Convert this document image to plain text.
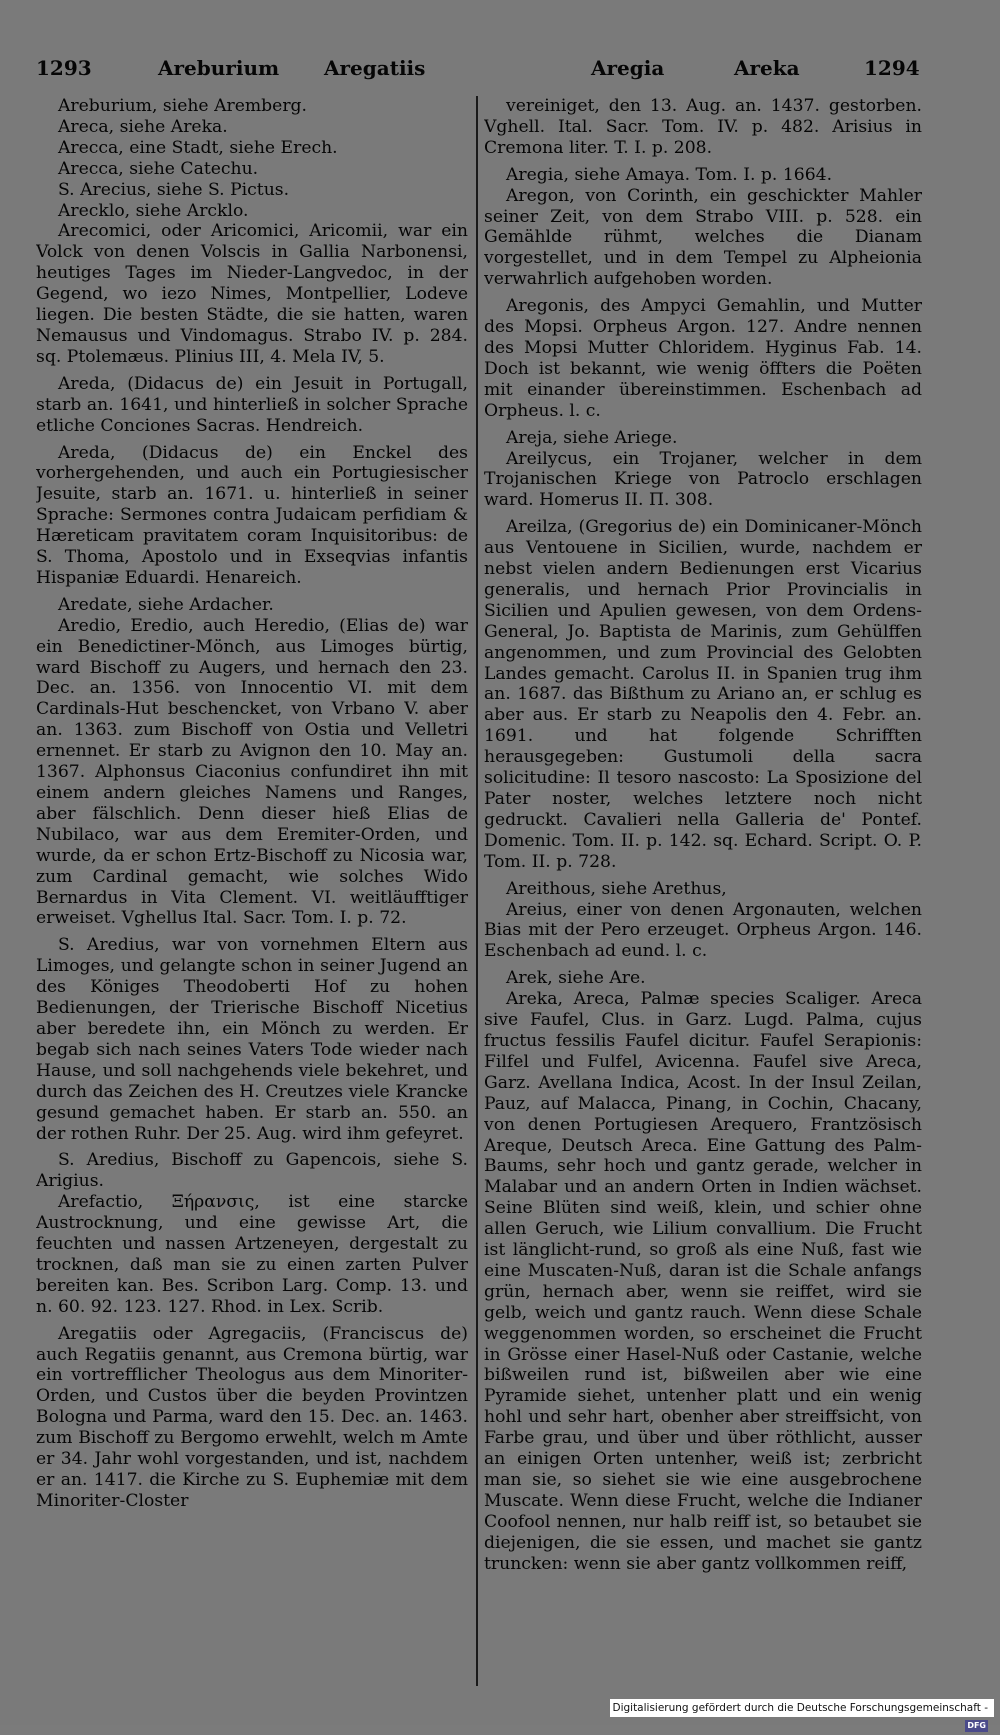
1293	Areburium Aregatiis	Aregia	Areka	1294

Areburium, siehe Aremberg.

Areca, siehe Areka.

Arecca, eine Stadt, siehe Erech.

Arecca, siehe Catechu.

S. Arecius, siehe S. Pictus.

Arecklo, siehe Arcklo.

Arecomici, oder Aricomici, Aricomii, war ein Volck von denen Volscis in Gallia Narbonensi, heutiges Tages im Nieder-Langvedoc, in der Gegend, wo iezo Nimes, Montpellier, Lodeve liegen. Die besten Städte, die sie hatten, waren Nemausus und Vindomagus. Strabo IV. p. 284. sq. Ptolemæus. Plinius III, 4. Mela IV, 5.

Areda, (Didacus de) ein Jesuit in Portugall, starb an. 1641, und hinterließ in solcher Sprache etliche Conciones Sacras. Hendreich.

Areda, (Didacus de) ein Enckel des vorhergehenden, und auch ein Portugiesischer Jesuite, starb an. 1671. u. hinterließ in seiner Sprache: Sermones contra Judaicam perfidiam & Hæreticam pravitatem coram Inquisitoribus: de S. Thoma, Apostolo und in Exseqvias infantis Hispaniæ Eduardi. Henareich.

Aredate, siehe Ardacher.

Aredio, Eredio, auch Heredio, (Elias de) war ein Benedictiner-Mönch, aus Limoges bürtig, ward Bischoff zu Augers, und hernach den 23. Dec. an. 1356. von Innocentio VI. mit dem Cardinals-Hut beschencket, von Vrbano V. aber an. 1363. zum Bischoff von Ostia und Velletri ernennet. Er starb zu Avignon den 10. May an. 1367. Alphonsus Ciaconius confundiret ihn mit einem andern gleiches Namens und Ranges, aber fälschlich. Denn dieser hieß Elias de Nubilaco, war aus dem Eremiter-Orden, und wurde, da er schon Ertz-Bischoff zu Nicosia war, zum Cardinal gemacht, wie solches Wido Bernardus in Vita Clement. VI. weitläufftiger erweiset. Vghellus Ital. Sacr. Tom. I. p. 72.

S. Aredius, war von vornehmen Eltern aus Limoges, und gelangte schon in seiner Jugend an des Königes Theodoberti Hof zu hohen Bedienungen, der Trierische Bischoff Nicetius aber beredete ihn, ein Mönch zu werden. Er begab sich nach seines Vaters Tode wieder nach Hause, und soll nachgehends viele bekehret, und durch das Zeichen des H. Creutzes viele Krancke gesund gemachet haben. Er starb an. 550. an der rothen Ruhr. Der 25. Aug. wird ihm gefeyret.

S. Aredius, Bischoff zu Gapencois, siehe S. Arigius.

Arefactio, Ξήρανσις, ist eine starcke Austrocknung, und eine gewisse Art, die feuchten und nassen Artzeneyen, dergestalt zu trocknen, daß man sie zu einen zarten Pulver bereiten kan. Bes. Scribon Larg. Comp. 13. und n. 60. 92. 123. 127. Rhod. in Lex. Scrib.

Aregatiis oder Agregaciis, (Franciscus de) auch Regatiis genannt, aus Cremona bürtig, war ein vortrefflicher Theologus aus dem Minoriter-Orden, und Custos über die beyden Provintzen Bologna und Parma, ward den 15. Dec. an. 1463. zum Bischoff zu Bergomo erwehlt, welch m Amte er 34. Jahr wohl vorgestanden, und ist, nachdem er an. 1417. die Kirche zu S. Euphemiæ mit dem Minoriter-Closter

vereiniget, den 13. Aug. an. 1437. gestorben. Vghell. Ital. Sacr. Tom. IV. p. 482. Arisius in Cremona liter. T. I. p. 208.

Aregia, siehe Amaya. Tom. I. p. 1664.

Aregon, von Corinth, ein geschickter Mahler seiner Zeit, von dem Strabo VIII. p. 528. ein Gemählde rühmt, welches die Dianam vorgestellet, und in dem Tempel zu Alpheionia verwahrlich aufgehoben worden.

Aregonis, des Ampyci Gemahlin, und Mutter des Mopsi. Orpheus Argon. 127. Andre nennen des Mopsi Mutter Chloridem. Hyginus Fab. 14. Doch ist bekannt, wie wenig öffters die Poëten mit einander übereinstimmen. Eschenbach ad Orpheus. l. c.

Areja, siehe Ariege.

Areilycus, ein Trojaner, welcher in dem Trojanischen Kriege von Patroclo erschlagen ward. Homerus II. Π. 308.

Areilza, (Gregorius de) ein Dominicaner-Mönch aus Ventouene in Sicilien, wurde, nachdem er nebst vielen andern Bedienungen erst Vicarius generalis, und hernach Prior Provincialis in Sicilien und Apulien gewesen, von dem Ordens-General, Jo. Baptista de Marinis, zum Gehülffen angenommen, und zum Provincial des Gelobten Landes gemacht. Carolus II. in Spanien trug ihm an. 1687. das Bißthum zu Ariano an, er schlug es aber aus. Er starb zu Neapolis den 4. Febr. an. 1691. und hat folgende Schrifften herausgegeben: Gustumoli della sacra solicitudine: Il tesoro nascosto: La Sposizione del Pater noster, welches letztere noch nicht gedruckt. Cavalieri nella Galleria de' Pontef. Domenic. Tom. II. p. 142. sq. Echard. Script. O. P. Tom. II. p. 728.

Areithous, siehe Arethus,

Areius, einer von denen Argonauten, welchen Bias mit der Pero erzeuget. Orpheus Argon. 146. Eschenbach ad eund. l. c.

Arek, siehe Are.

Areka, Areca, Palmæ species Scaliger. Areca sive Faufel, Clus. in Garz. Lugd. Palma, cujus fructus fessilis Faufel dicitur. Faufel Serapionis: Filfel und Fulfel, Avicenna. Faufel sive Areca, Garz. Avellana Indica, Acost. In der Insul Zeilan, Pauz, auf Malacca, Pinang, in Cochin, Chacany, von denen Portugiesen Arequero, Frantzösisch Areque, Deutsch Areca. Eine Gattung des Palm-Baums, sehr hoch und gantz gerade, welcher in Malabar und an andern Orten in Indien wächset. Seine Blüten sind weiß, klein, und schier ohne allen Geruch, wie Lilium convallium. Die Frucht ist länglicht-rund, so groß als eine Nuß, fast wie eine Muscaten-Nuß, daran ist die Schale anfangs grün, hernach aber, wenn sie reiffet, wird sie gelb, weich und gantz rauch. Wenn diese Schale weggenommen worden, so erscheinet die Frucht in Grösse einer Hasel-Nuß oder Castanie, welche bißweilen rund ist, bißweilen aber wie eine Pyramide siehet, untenher platt und ein wenig hohl und sehr hart, obenher aber streiffsicht, von Farbe grau, und über und über röthlicht, ausser an einigen Orten untenher, weiß ist; zerbricht man sie, so siehet sie wie eine ausgebrochene Muscate. Wenn diese Frucht, welche die Indianer Coofool nennen, nur halb reiff ist, so betaubet sie diejenigen, die sie essen, und machet sie gantz truncken: wenn sie aber gantz vollkommen reiff,

Digitalisierung gefördert durch die Deutsche Forschungsgemeinschaft - DFG
